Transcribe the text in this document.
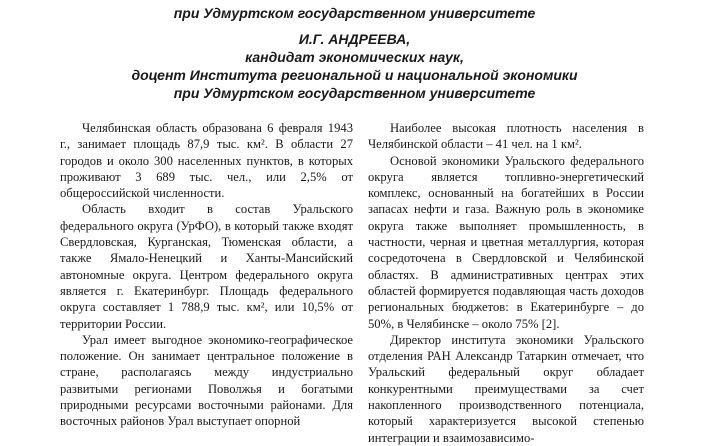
при Удмуртском государственном университете
И.Г. АНДРЕЕВА,
кандидат экономических наук,
доцент Института региональной и национальной экономики
при Удмуртском государственном университете

Челябинская область образована 6 февраля 1943 г., занимает площадь 87,9 тыс. км². В области 27 городов и около 300 населенных пунктов, в которых проживают 3 689 тыс. чел., или 2,5% от общероссийской численности.

Область входит в состав Уральского федерального округа (УрФО), в который также входят Свердловская, Курганская, Тюменская области, а также Ямало-Ненецкий и Ханты-Мансийский автономные округа. Центром федерального округа является г. Екатеринбург. Площадь федерального округа составляет 1 788,9 тыс. км², или 10,5% от территории России.

Урал имеет выгодное экономико-географическое положение. Он занимает центральное положение в стране, располагаясь между индустриально развитыми регионами Поволжья и богатыми природными ресурсами восточными районами. Для восточных районов Урал выступает опорной

Наиболее высокая плотность населения в Челябинской области – 41 чел. на 1 км².

Основой экономики Уральского федерального округа является топливно-энергетический комплекс, основанный на богатейших в России запасах нефти и газа. Важную роль в экономике округа также выполняет промышленность, в частности, черная и цветная металлургия, которая сосредоточена в Свердловской и Челябинской областях. В административных центрах этих областей формируется подавляющая часть доходов региональных бюджетов: в Екатеринбурге – до 50%, в Челябинске – около 75% [2].

Директор института экономики Уральского отделения РАН Александр Татаркин отмечает, что Уральский федеральный округ обладает конкурентными преимуществами за счет накопленного производственного потенциала, который характеризуется высокой степенью интеграции и взаимозависимо-
